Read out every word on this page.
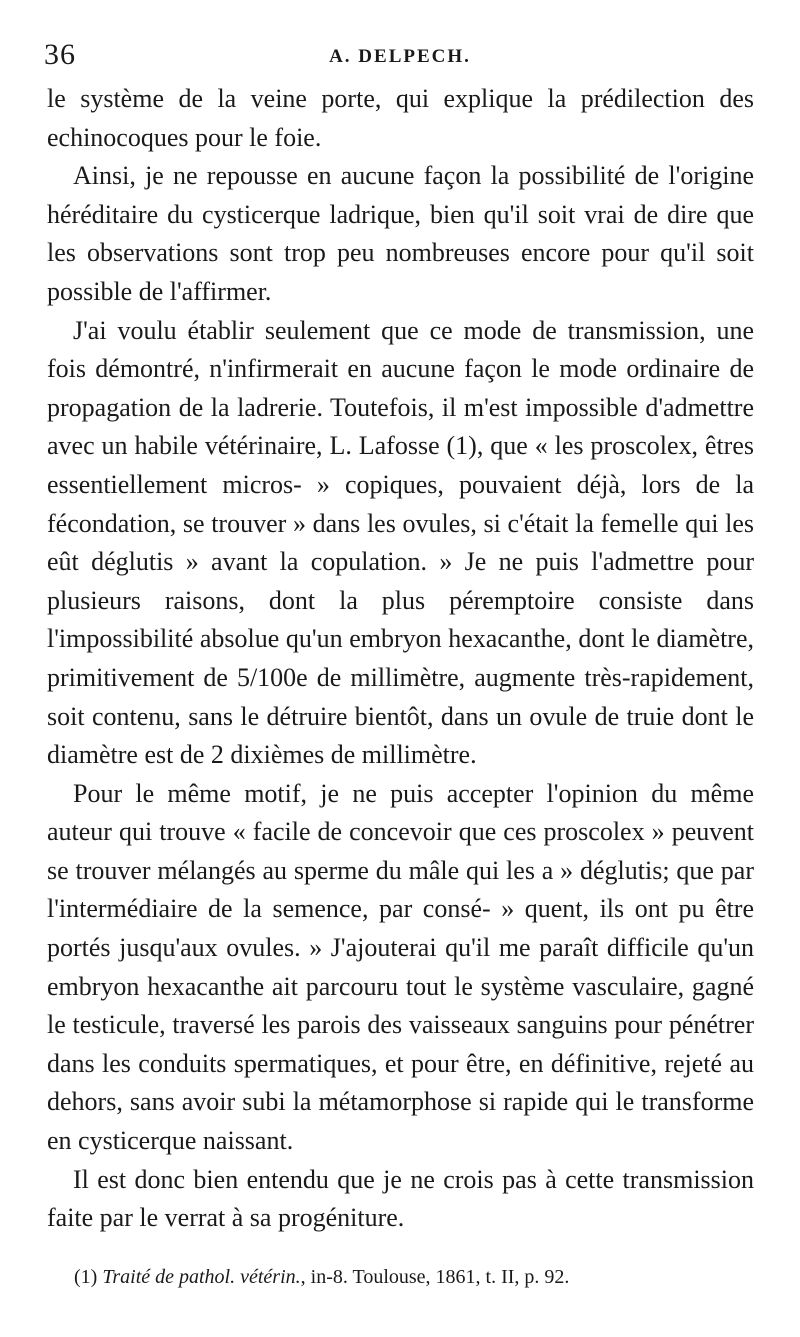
36	A. DELPECH.

le système de la veine porte, qui explique la prédilection des echinocoques pour le foie.

Ainsi, je ne repousse en aucune façon la possibilité de l'origine héréditaire du cysticerque ladrique, bien qu'il soit vrai de dire que les observations sont trop peu nombreuses encore pour qu'il soit possible de l'affirmer.

J'ai voulu établir seulement que ce mode de transmission, une fois démontré, n'infirmerait en aucune façon le mode ordinaire de propagation de la ladrerie. Toutefois, il m'est impossible d'admettre avec un habile vétérinaire, L. Lafosse (1), que « les proscolex, êtres essentiellement micros- » copiques, pouvaient déjà, lors de la fécondation, se trouver » dans les ovules, si c'était la femelle qui les eût déglutis » avant la copulation. » Je ne puis l'admettre pour plusieurs raisons, dont la plus péremptoire consiste dans l'impossibilité absolue qu'un embryon hexacanthe, dont le diamètre, primitivement de 5/100e de millimètre, augmente très-rapidement, soit contenu, sans le détruire bientôt, dans un ovule de truie dont le diamètre est de 2 dixièmes de millimètre.

Pour le même motif, je ne puis accepter l'opinion du même auteur qui trouve « facile de concevoir que ces proscolex » peuvent se trouver mélangés au sperme du mâle qui les a » déglutis; que par l'intermédiaire de la semence, par consé- » quent, ils ont pu être portés jusqu'aux ovules. » J'ajouterai qu'il me paraît difficile qu'un embryon hexacanthe ait parcouru tout le système vasculaire, gagné le testicule, traversé les parois des vaisseaux sanguins pour pénétrer dans les conduits spermatiques, et pour être, en définitive, rejeté au dehors, sans avoir subi la métamorphose si rapide qui le transforme en cysticerque naissant.

Il est donc bien entendu que je ne crois pas à cette transmission faite par le verrat à sa progéniture.

(1) Traité de pathol. vétérin., in-8. Toulouse, 1861, t. II, p. 92.
